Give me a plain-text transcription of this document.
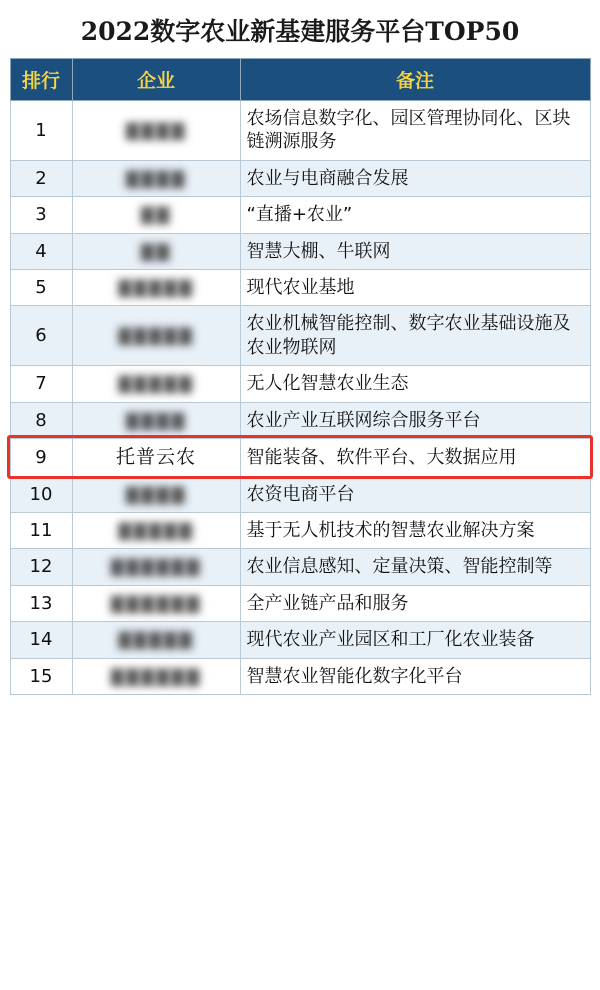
2022数字农业新基建服务平台TOP50
排行	企业	备注
1	▇▇▇▇	农场信息数字化、园区管理协同化、区块链溯源服务
2	▇▇▇▇	农业与电商融合发展
3	▇▇	“直播+农业”
4	▇▇	智慧大棚、牛联网
5	▇▇▇▇▇	现代农业基地
6	▇▇▇▇▇	农业机械智能控制、数字农业基础设施及农业物联网
7	▇▇▇▇▇	无人化智慧农业生态
8	▇▇▇▇	农业产业互联网综合服务平台
9	托普云农	智能装备、软件平台、大数据应用
10	▇▇▇▇	农资电商平台
11	▇▇▇▇▇	基于无人机技术的智慧农业解决方案
12	▇▇▇▇▇▇	农业信息感知、定量决策、智能控制等
13	▇▇▇▇▇▇	全产业链产品和服务
14	▇▇▇▇▇	现代农业产业园区和工厂化农业装备
15	▇▇▇▇▇▇	智慧农业智能化数字化平台
